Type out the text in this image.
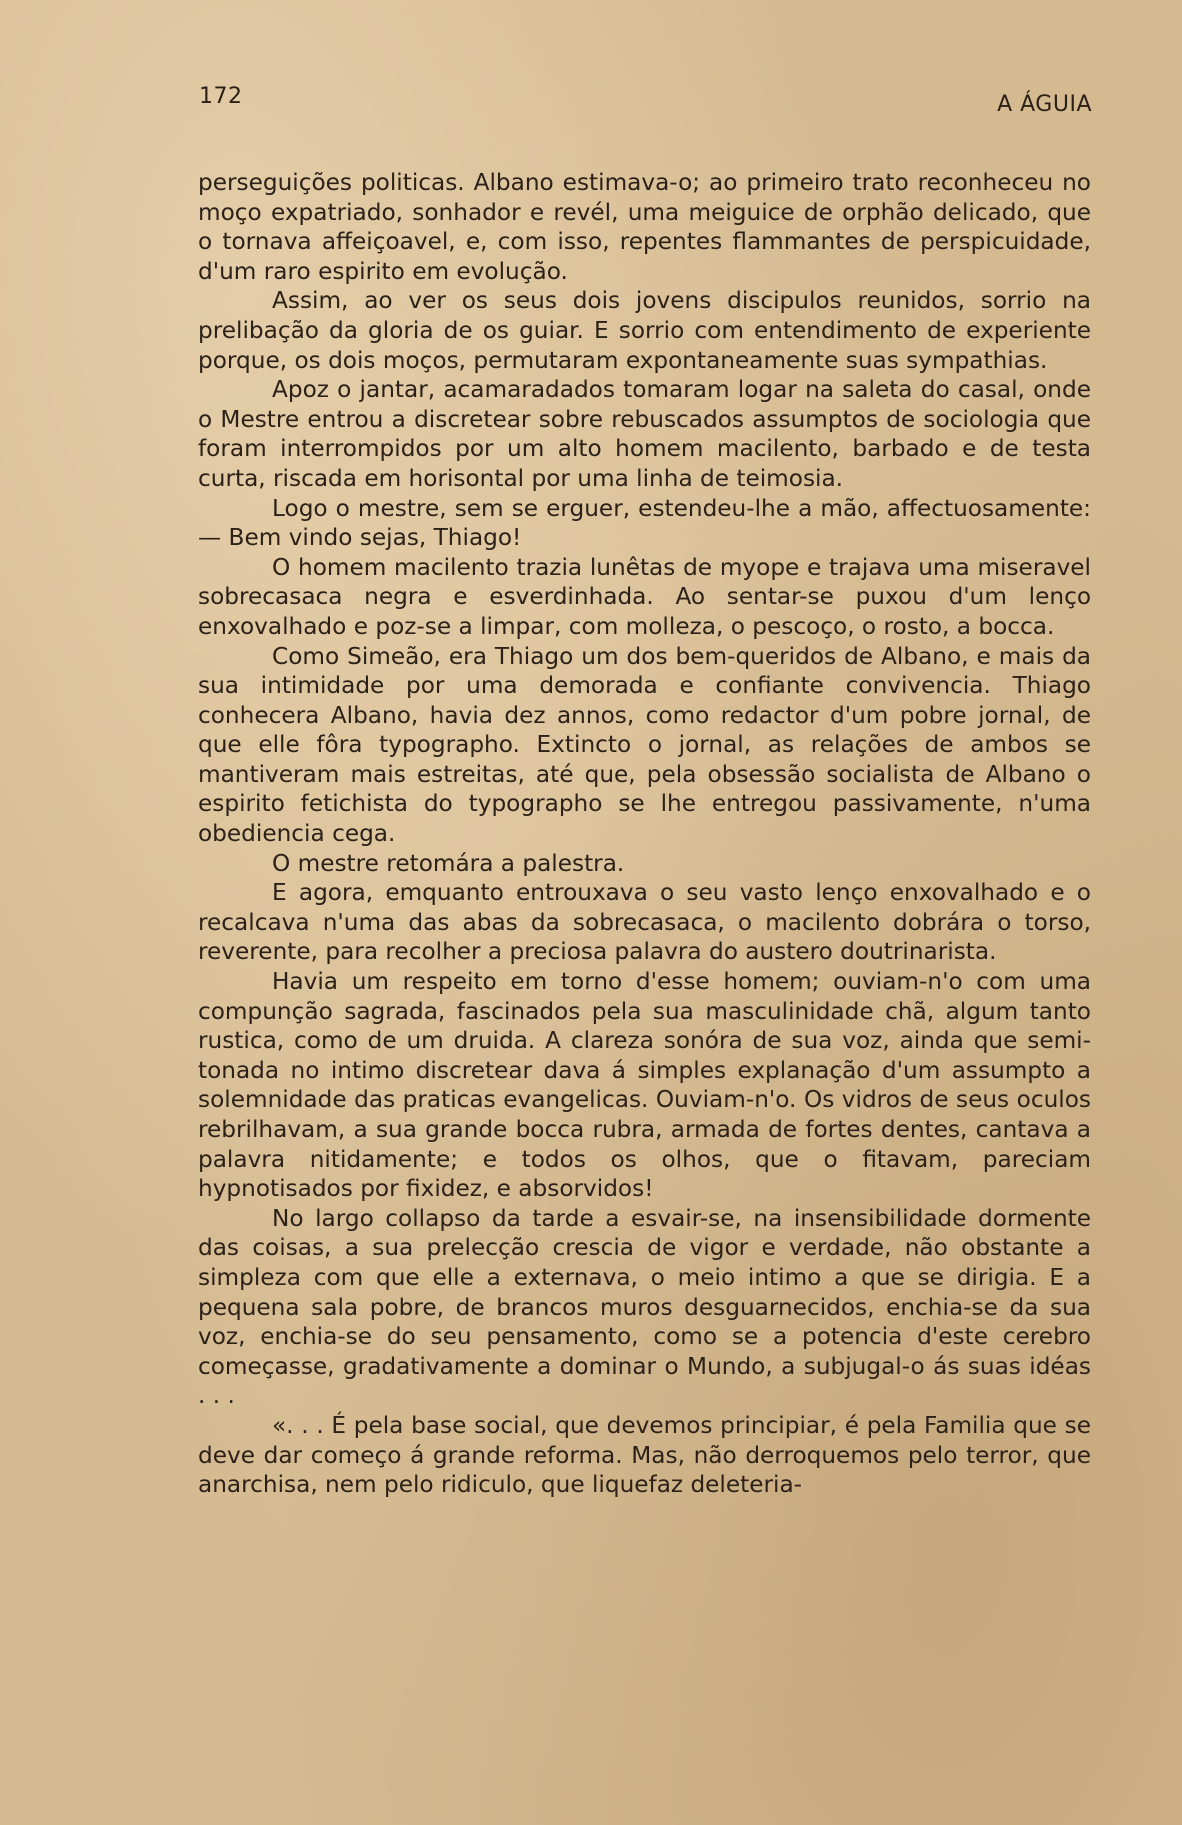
172	A ÁGUIA

perseguições politicas. Albano estimava-o; ao primeiro trato reconheceu no moço expatriado, sonhador e revél, uma meiguice de orphão delicado, que o tornava affeiçoavel, e, com isso, repentes flammantes de perspicuidade, d'um raro espirito em evolução.

Assim, ao ver os seus dois jovens discipulos reunidos, sorrio na prelibação da gloria de os guiar. E sorrio com entendimento de experiente porque, os dois moços, permutaram expontaneamente suas sympathias.

Apoz o jantar, acamaradados tomaram logar na saleta do casal, onde o Mestre entrou a discretear sobre rebuscados assumptos de sociologia que foram interrompidos por um alto homem macilento, barbado e de testa curta, riscada em horisontal por uma linha de teimosia.

Logo o mestre, sem se erguer, estendeu-lhe a mão, affectuosamente: — Bem vindo sejas, Thiago!

O homem macilento trazia lunêtas de myope e trajava uma miseravel sobrecasaca negra e esverdinhada. Ao sentar-se puxou d'um lenço enxovalhado e poz-se a limpar, com molleza, o pescoço, o rosto, a bocca.

Como Simeão, era Thiago um dos bem-queridos de Albano, e mais da sua intimidade por uma demorada e confiante convivencia. Thiago conhecera Albano, havia dez annos, como redactor d'um pobre jornal, de que elle fôra typographo. Extincto o jornal, as relações de ambos se mantiveram mais estreitas, até que, pela obsessão socialista de Albano o espirito fetichista do typographo se lhe entregou passivamente, n'uma obediencia cega.

O mestre retomára a palestra.

E agora, emquanto entrouxava o seu vasto lenço enxovalhado e o recalcava n'uma das abas da sobrecasaca, o macilento dobrára o torso, reverente, para recolher a preciosa palavra do austero doutrinarista.

Havia um respeito em torno d'esse homem; ouviam-n'o com uma compunção sagrada, fascinados pela sua masculinidade chã, algum tanto rustica, como de um druida. A clareza sonóra de sua voz, ainda que semi-tonada no intimo discretear dava á simples explanação d'um assumpto a solemnidade das praticas evangelicas. Ouviam-n'o. Os vidros de seus oculos rebrilhavam, a sua grande bocca rubra, armada de fortes dentes, cantava a palavra nitidamente; e todos os olhos, que o fitavam, pareciam hypnotisados por fixidez, e absorvidos!

No largo collapso da tarde a esvair-se, na insensibilidade dormente das coisas, a sua prelecção crescia de vigor e verdade, não obstante a simpleza com que elle a externava, o meio intimo a que se dirigia. E a pequena sala pobre, de brancos muros desguarnecidos, enchia-se da sua voz, enchia-se do seu pensamento, como se a potencia d'este cerebro começasse, gradativamente a dominar o Mundo, a subjugal-o ás suas idéas . . .

«. . . É pela base social, que devemos principiar, é pela Familia que se deve dar começo á grande reforma. Mas, não derroquemos pelo terror, que anarchisa, nem pelo ridiculo, que liquefaz deleteria-
